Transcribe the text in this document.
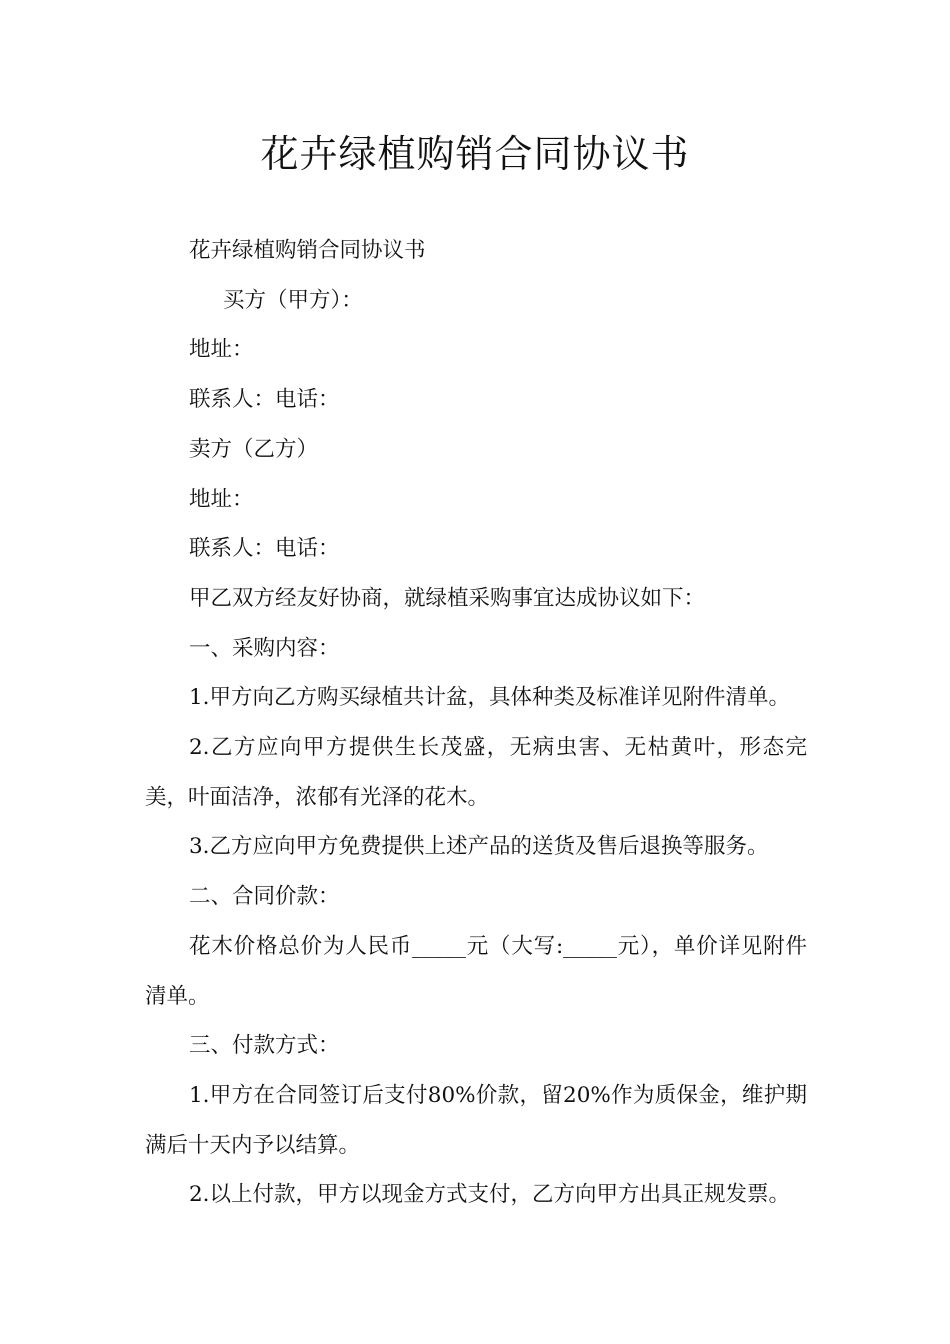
花卉绿植购销合同协议书

花卉绿植购销合同协议书

买方（甲方）：

地址：

联系人：电话：

卖方（乙方）

地址：

联系人：电话：

甲乙双方经友好协商，就绿植采购事宜达成协议如下：

一、采购内容：

1.甲方向乙方购买绿植共计盆，具体种类及标准详见附件清单。

2.乙方应向甲方提供生长茂盛，无病虫害、无枯黄叶，形态完美，叶面洁净，浓郁有光泽的花木。

3.乙方应向甲方免费提供上述产品的送货及售后退换等服务。

二、合同价款：

花木价格总价为人民币_____元（大写:_____元），单价详见附件清单。

三、付款方式：

1.甲方在合同签订后支付80%价款，留20%作为质保金，维护期满后十天内予以结算。

2.以上付款，甲方以现金方式支付，乙方向甲方出具正规发票。
